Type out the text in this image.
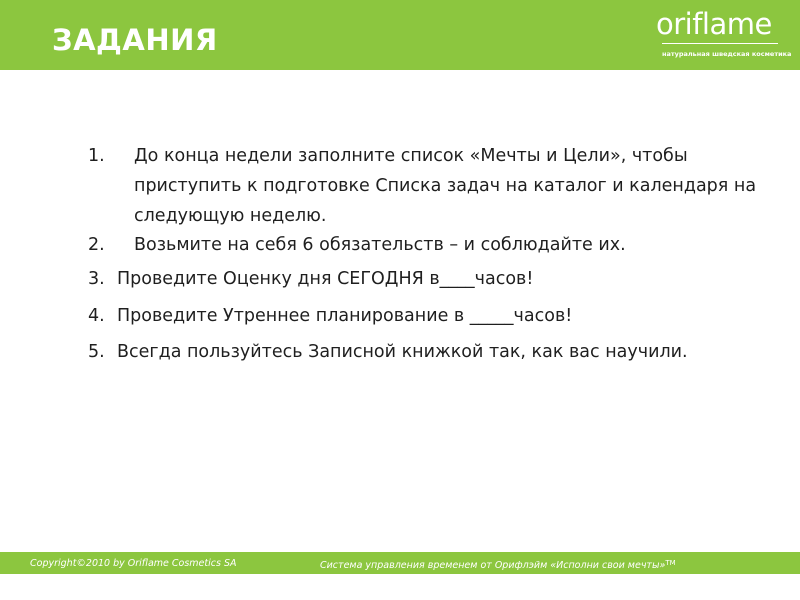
ЗАДАНИЯ	oriflame
натуральная шведская косметика
1. До конца недели заполните список «Мечты и Цели», чтобы приступить к подготовке Списка задач на каталог и календаря на следующую неделю.
2. Возьмите на себя 6 обязательств – и соблюдайте их.
3. Проведите Оценку дня СЕГОДНЯ в____часов!
4. Проведите Утреннее планирование в _____часов!
5. Всегда пользуйтесь Записной книжкой так, как вас научили.
Copyright©2010 by Oriflame Cosmetics SA	Система управления временем от Орифлэйм «Исполни свои мечты»™
